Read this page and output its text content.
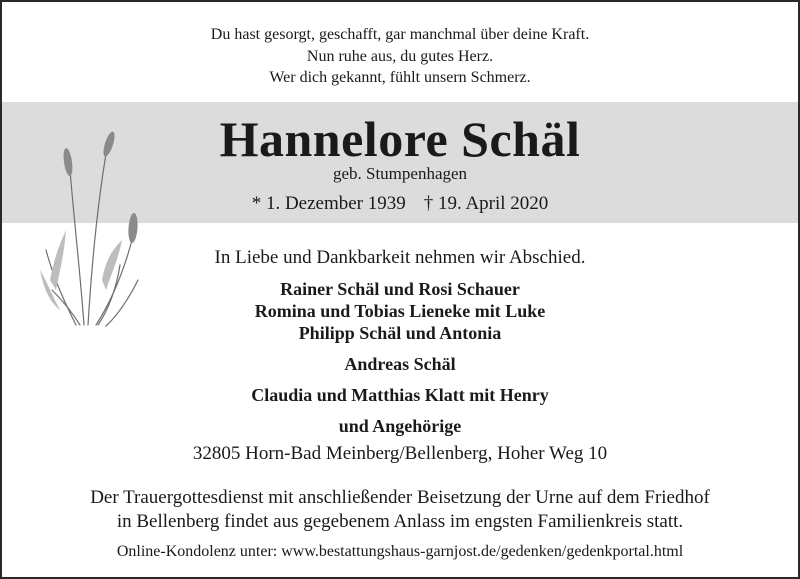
Du hast gesorgt, geschafft, gar manchmal über deine Kraft.
Nun ruhe aus, du gutes Herz.
Wer dich gekannt, fühlt unsern Schmerz.
Hannelore Schäl
geb. Stumpenhagen
* 1. Dezember 1939 † 19. April 2020
In Liebe und Dankbarkeit nehmen wir Abschied.
Rainer Schäl und Rosi Schauer
Romina und Tobias Lieneke mit Luke
Philipp Schäl und Antonia
Andreas Schäl
Claudia und Matthias Klatt mit Henry
und Angehörige
32805 Horn-Bad Meinberg/Bellenberg, Hoher Weg 10
Der Trauergottesdienst mit anschließender Beisetzung der Urne auf dem Friedhof
in Bellenberg findet aus gegebenem Anlass im engsten Familienkreis statt.
Online-Kondolenz unter: www.bestattungshaus-garnjost.de/gedenken/gedenkportal.html
